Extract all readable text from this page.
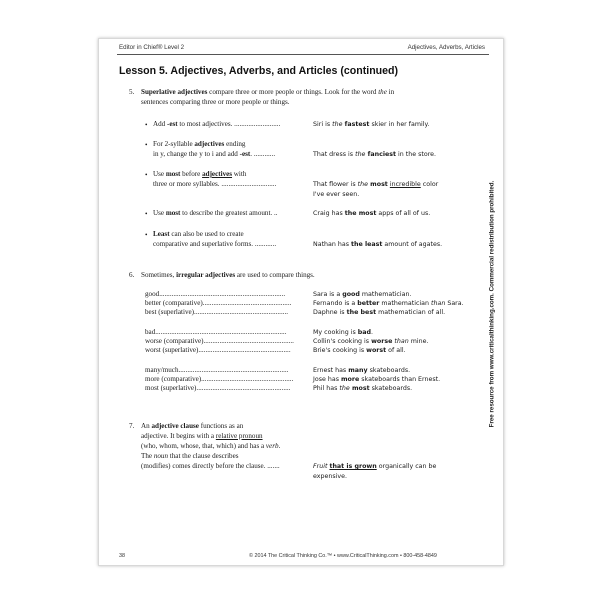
Editor in Chief® Level 2	Adjectives, Adverbs, Articles
Lesson 5. Adjectives, Adverbs, and Articles (continued)
5. Superlative adjectives compare three or more people or things. Look for the word the in
sentences comparing three or more people or things.
• Add -est to most adjectives. ..........................	Siri is the fastest skier in her family.
• For 2-syllable adjectives ending
in y, change the y to i and add -est. ............	That dress is the fanciest in the store.
• Use most before adjectives with
three or more syllables. ...............................	That flower is the most incredible color
I've ever seen.
• Use most to describe the greatest amount. ..	Craig has the most apps of all of us.
• Least can also be used to create
comparative and superlative forms. ............	Nathan has the least amount of agates.
6. Sometimes, irregular adjectives are used to compare things.
good.......................................................................	Sara is a good mathematician.
better (comparative)..................................................	Fernando is a better mathematician than Sara.
best (superlative).....................................................	Daphne is the best mathematician of all.
bad..........................................................................	My cooking is bad.
worse (comparative)...................................................	Collin's cooking is worse than mine.
worst (superlative)....................................................	Brie's cooking is worst of all.
many/much..............................................................	Ernest has many skateboards.
more (comparative)....................................................	Jose has more skateboards than Ernest.
most (superlative).....................................................	Phil has the most skateboards.
7. An adjective clause functions as an
adjective. It begins with a relative pronoun
(who, whom, whose, that, which) and has a verb.
The noun that the clause describes
(modifies) comes directly before the clause. .......	Fruit that is grown organically can be
expensive.
Free resource from www.criticalthinking.com. Commercial redistribution prohibited.
38	© 2014 The Critical Thinking Co.™ • www.CriticalThinking.com • 800-458-4849
